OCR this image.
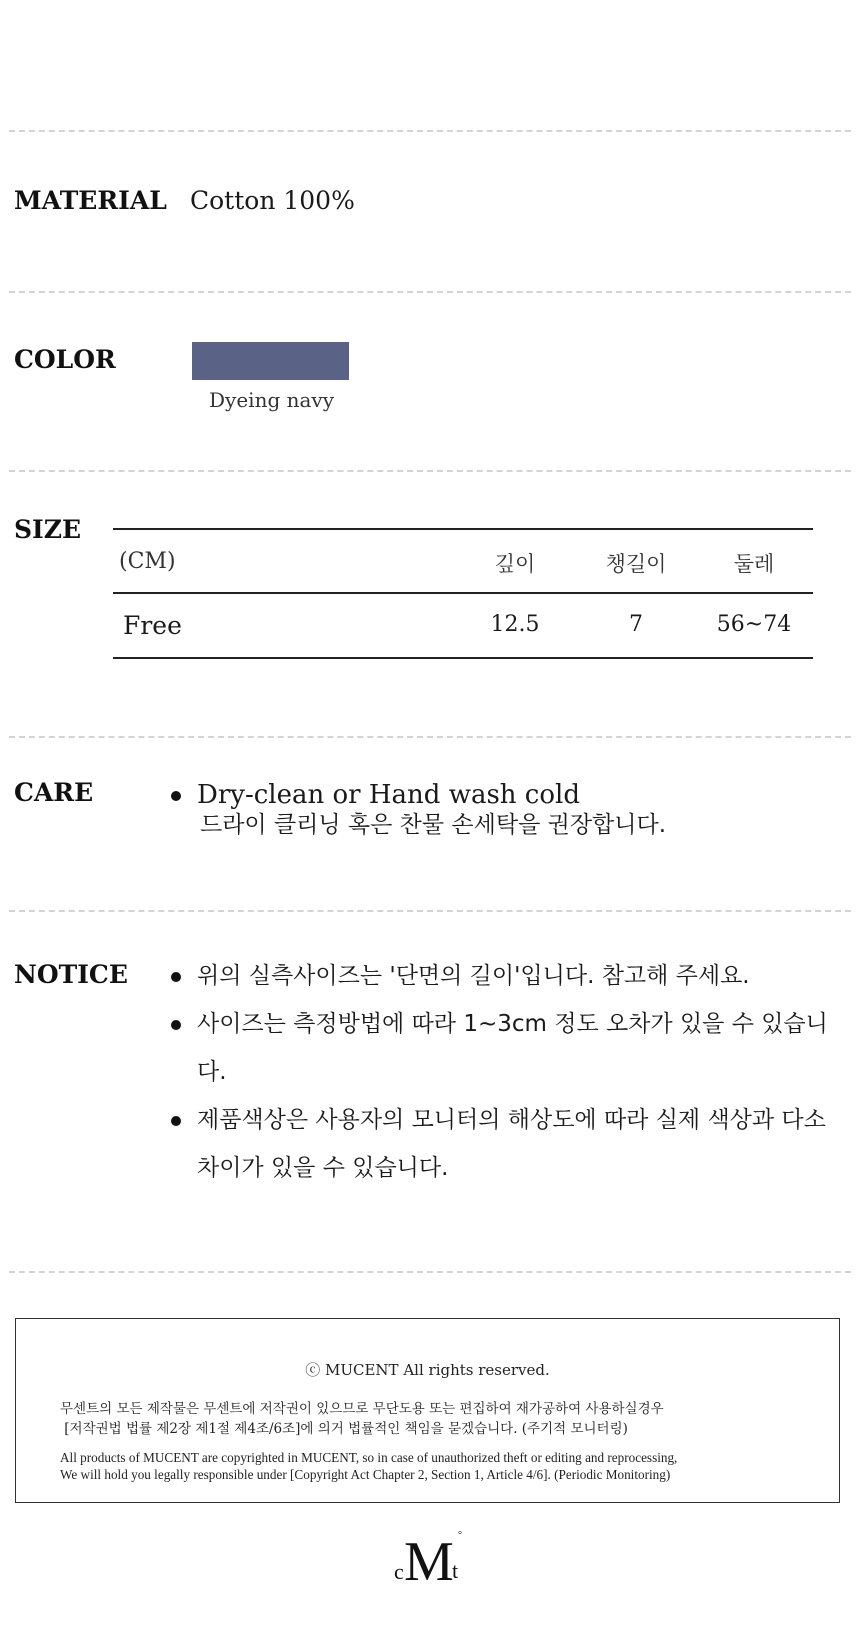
MATERIAL Cotton 100%
COLOR
Dyeing navy
SIZE
(CM)	깊이	챙길이	둘레
Free	12.5	7	56~74
CARE	Dry-clean or Hand wash cold
드라이 클리닝 혹은 찬물 손세탁을 권장합니다.
NOTICE	위의 실측사이즈는 '단면의 길이'입니다. 참고해 주세요.
사이즈는 측정방법에 따라 1~3cm 정도 오차가 있을 수 있습니다.
제품색상은 사용자의 모니터의 해상도에 따라 실제 색상과 다소 차이가 있을 수 있습니다.
ⓒ MUCENT All rights reserved.
무센트의 모든 제작물은 무센트에 저작권이 있으므로 무단도용 또는 편집하여 재가공하여 사용하실경우
[저작권법 법률 제2장 제1절 제4조/6조]에 의거 법률적인 책임을 묻겠습니다. (주기적 모니터링)
All products of MUCENT are copyrighted in MUCENT, so in case of unauthorized theft or editing and reprocessing,
We will hold you legally responsible under [Copyright Act Chapter 2, Section 1, Article 4/6]. (Periodic Monitoring)
c M t
°
